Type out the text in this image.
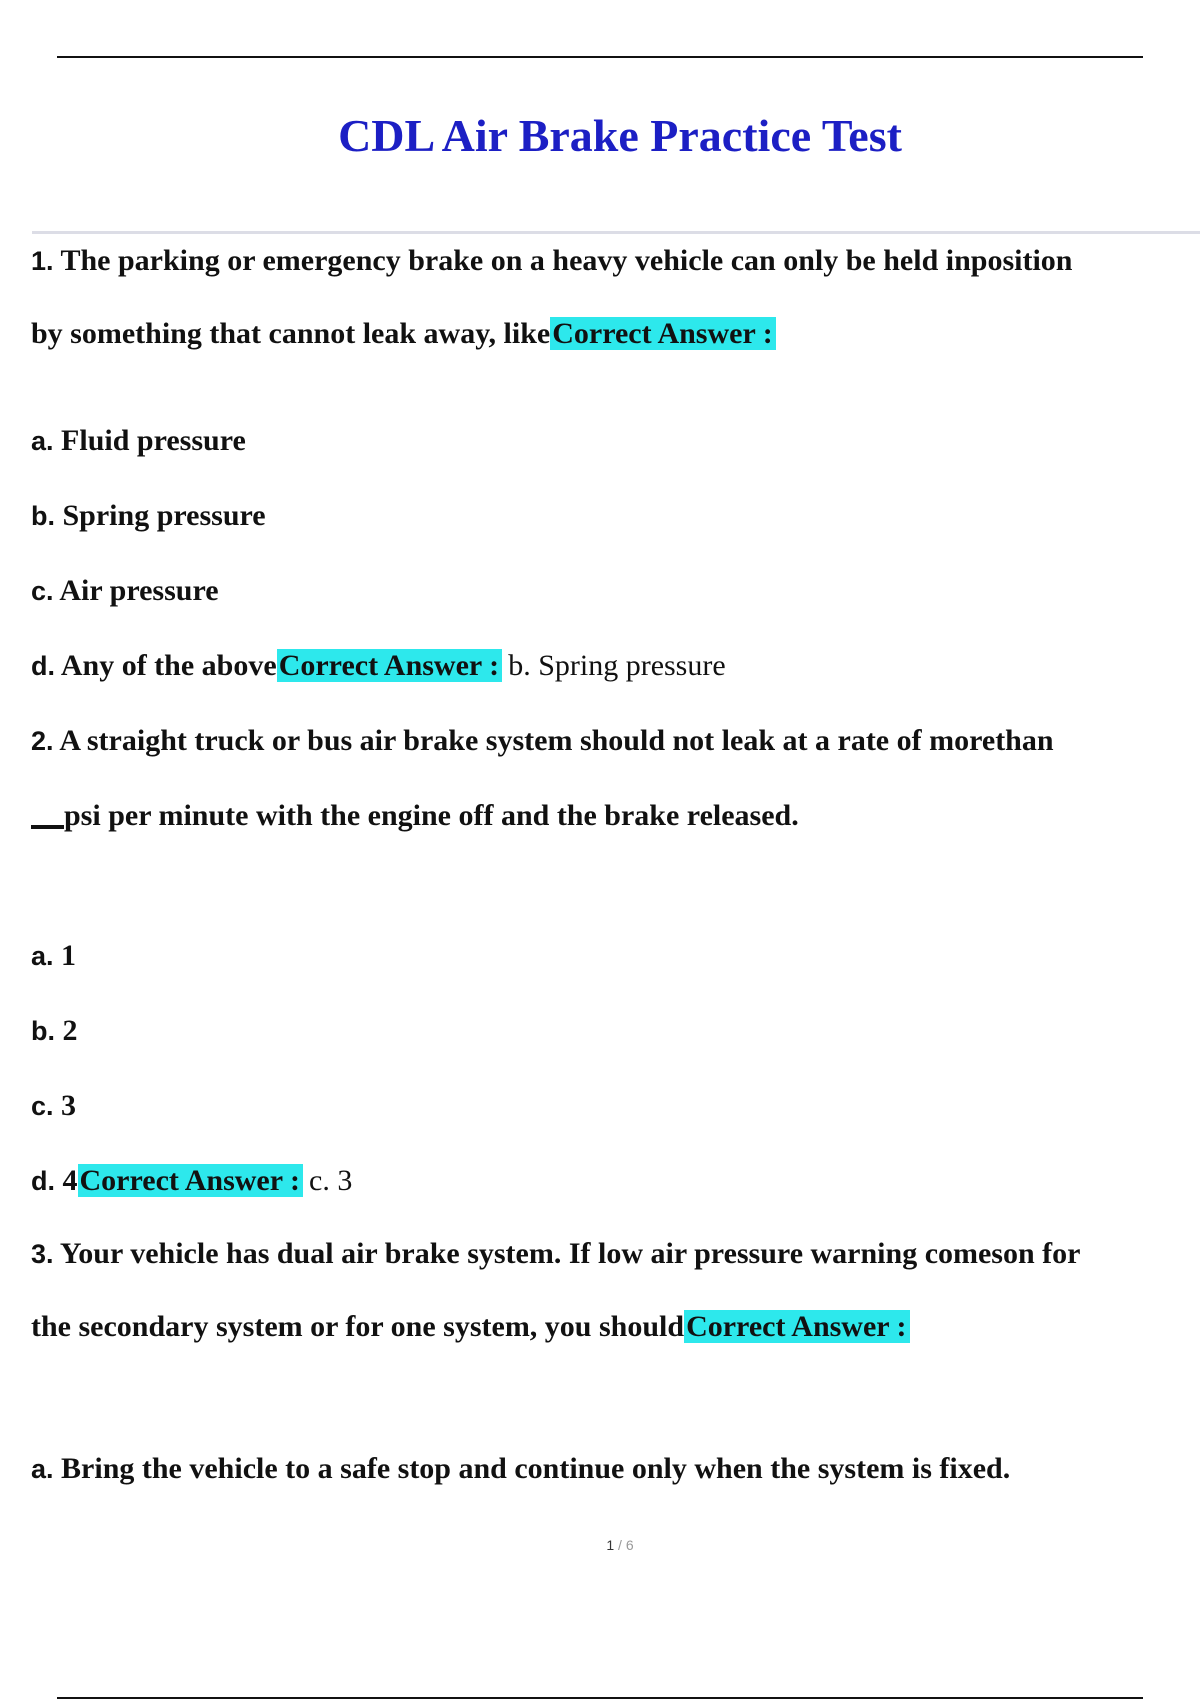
CDL Air Brake Practice Test
1. The parking or emergency brake on a heavy vehicle can only be held inposition
by something that cannot leak away, likeCorrect Answer :
a. Fluid pressure
b. Spring pressure
c. Air pressure
d. Any of the aboveCorrect Answer : b. Spring pressure
2. A straight truck or bus air brake system should not leak at a rate of morethan
psi per minute with the engine off and the brake released.
a. 1
b. 2
c. 3
d. 4Correct Answer : c. 3
3. Your vehicle has dual air brake system. If low air pressure warning comeson for
the secondary system or for one system, you shouldCorrect Answer :
a. Bring the vehicle to a safe stop and continue only when the system is fixed.
1 / 6
